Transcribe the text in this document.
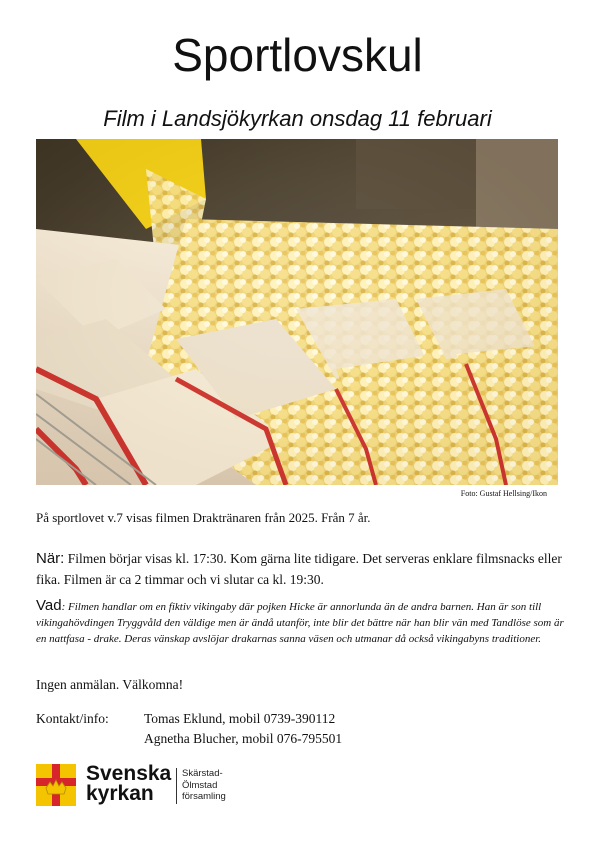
Sportlovskul
Film i Landsjökyrkan onsdag 11 februari
Foto: Gustaf Hellsing/Ikon
På sportlovet v.7 visas filmen Draktränaren från 2025. Från 7 år.
När: Filmen börjar visas kl. 17:30. Kom gärna lite tidigare. Det serveras enklare filmsnacks eller fika. Filmen är ca 2 timmar och vi slutar ca kl. 19:30.
Vad: Filmen handlar om en fiktiv vikingaby där pojken Hicke är annorlunda än de andra barnen. Han är son till vikingahövdingen Tryggvåld den väldige men är ändå utanför, inte blir det bättre när han blir vän med Tandlöse som är en nattfasa - drake. Deras vänskap avslöjar drakarnas sanna väsen och utmanar då också vikingabyns traditioner.
Ingen anmälan. Välkomna!
Kontakt/info:	Tomas Eklund, mobil 0739-390112
Agnetha Blucher, mobil 076-795501
Svenska
kyrkan
Skärstad-
Ölmstad
församling
